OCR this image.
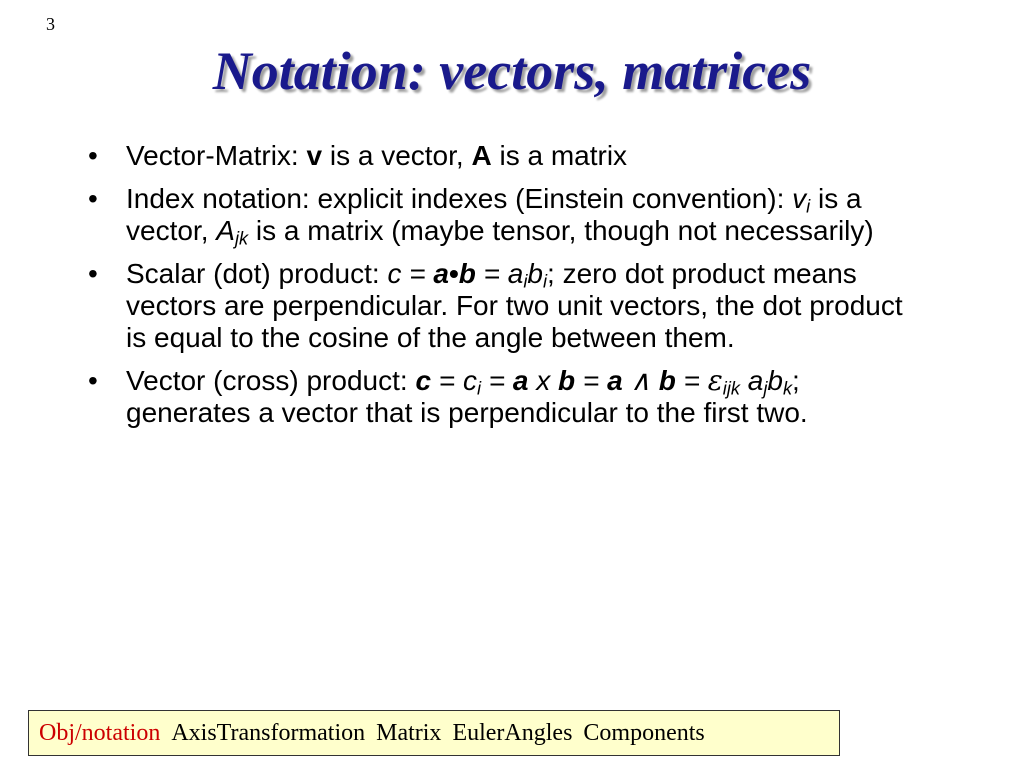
3
Notation: vectors, matrices
• Vector-Matrix: v is a vector, A is a matrix
• Index notation: explicit indexes (Einstein convention): $v_i$ is a vector, $A_{jk}$ is a matrix (maybe tensor, though not necessarily)
• Scalar (dot) product: c = a•b = $a_ib_i$; zero dot product means vectors are perpendicular. For two unit vectors, the dot product is equal to the cosine of the angle between them.
• Vector (cross) product: $c = c_i = a$ x b = a ∧ $b = \varepsilon_{ijk}$ $a_jb_k$; generates a vector that is perpendicular to the first two.
Obj/notation AxisTransformation Matrix EulerAngles Components
